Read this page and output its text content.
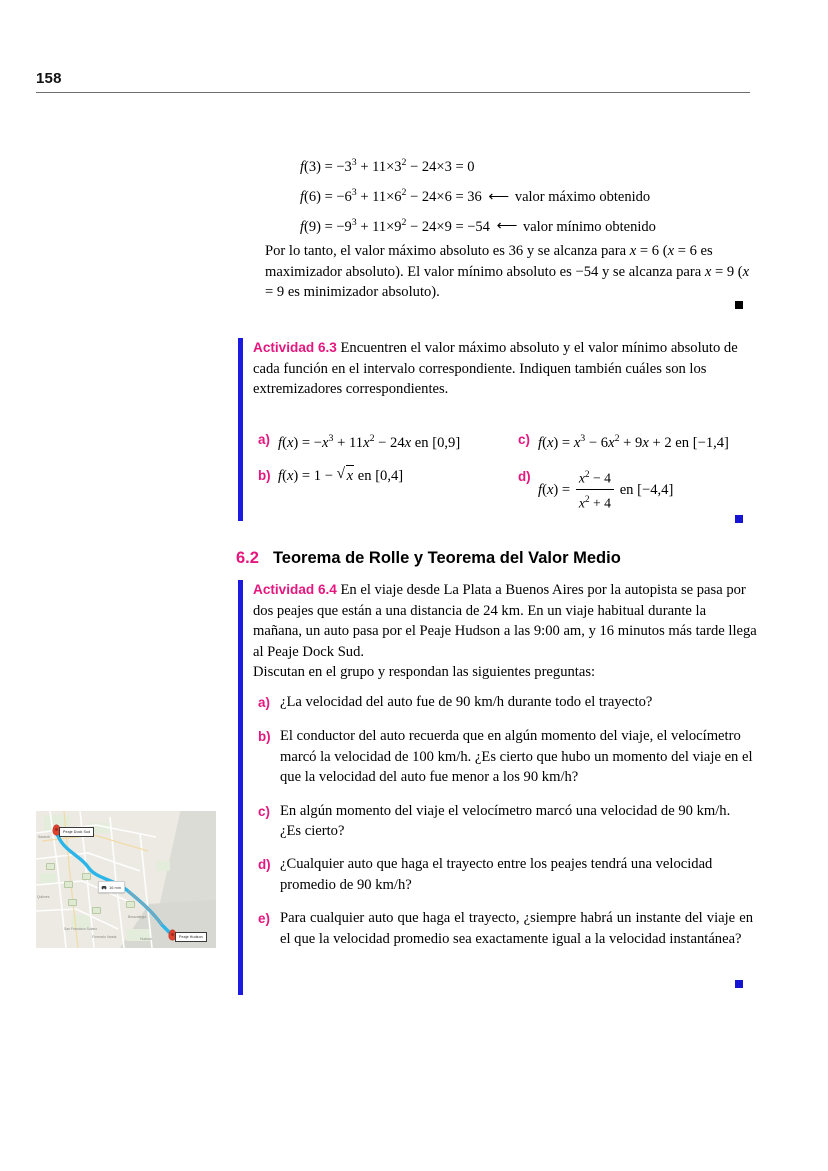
158
$f(3) = -3^3 + 11\times 3^2 - 24\times 3 = 0$
$f(6) = -6^3 + 11\times 6^2 - 24\times 6 = 36$ ⟵ valor máximo obtenido
$f(9) = -9^3 + 11\times 9^2 - 24\times 9 = -54$ ⟵ valor mínimo obtenido
Por lo tanto, el valor máximo absoluto es 36 y se alcanza para x = 6 (x = 6 es maximizador absoluto). El valor mínimo absoluto es −54 y se alcanza para x = 9 (x = 9 es minimizador absoluto).
Actividad 6.3 Encuentren el valor máximo absoluto y el valor mínimo absoluto de cada función en el intervalo correspondiente. Indiquen también cuáles son los extremizadores correspondientes.
a) $f(x) = -x^3 + 11x^2 - 24x$ en [0,9]
b) f(x) = 1 − √ x en [0,4]
c) $f(x) = x^3 - 6x^2 + 9x + 2$ en [−1,4]
d)
$f(x) = \frac{x^2 - 4}{x^2 + 4}$ en [−4,4]
6.2 Teorema de Rolle y Teorema del Valor Medio
Actividad 6.4 En el viaje desde La Plata a Buenos Aires por la autopista se pasa por dos peajes que están a una distancia de 24 km. En un viaje habitual durante la mañana, un auto pasa por el Peaje Hudson a las 9:00 am, y 16 minutos más tarde llega al Peaje Dock Sud.
Discutan en el grupo y respondan las siguientes preguntas:
a) ¿La velocidad del auto fue de 90 km/h durante todo el trayecto?
b) El conductor del auto recuerda que en algún momento del viaje, el velocímetro marcó la velocidad de 100 km/h. ¿Es cierto que hubo un momento del viaje en el que la velocidad del auto fue menor a los 90 km/h?
c) En algún momento del viaje el velocímetro marcó una velocidad de 90 km/h. ¿Es cierto?
d) ¿Cualquier auto que haga el trayecto entre los peajes tendrá una velocidad promedio de 90 km/h?
e) Para cualquier auto que haga el trayecto, ¿siempre habrá un instante del viaje en el que la velocidad promedio sea exactamente igual a la velocidad instantánea?
Sarandí
Berazategui
Quilmes
San Francisco Solano
Florencio Varela	Hudson
Peaje Dock Sud
Peaje Hudson
16 min
